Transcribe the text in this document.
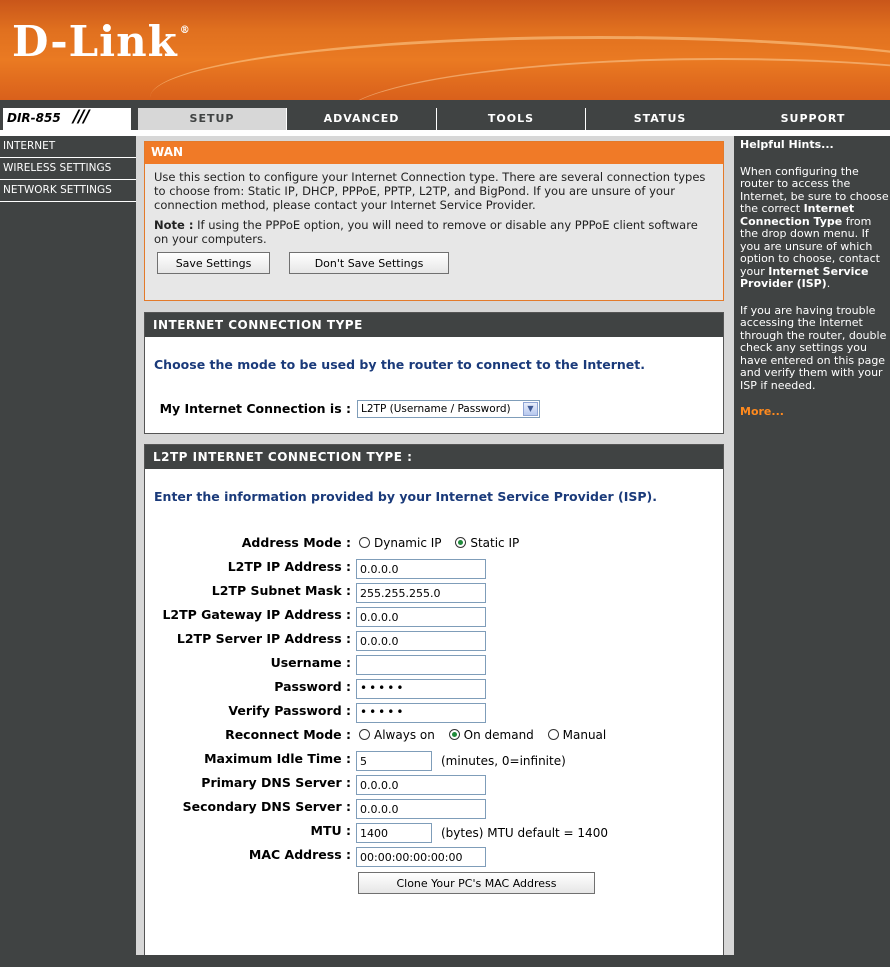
D-Link ®
DIR-855 ///	SETUP	ADVANCED	TOOLS	STATUS	SUPPORT
INTERNET
WIRELESS SETTINGS
NETWORK SETTINGS
WAN

Use this section to configure your Internet Connection type. There are several connection types to choose from: Static IP, DHCP, PPPoE, PPTP, L2TP, and BigPond. If you are unsure of your connection method, please contact your Internet Service Provider.

Note : If using the PPPoE option, you will need to remove or disable any PPPoE client software on your computers.

Save Settings	Don't Save Settings
INTERNET CONNECTION TYPE
Choose the mode to be used by the router to connect to the Internet.
My Internet Connection is : L2TP (Username / Password)	▼
L2TP INTERNET CONNECTION TYPE :
Enter the information provided by your Internet Service Provider (ISP).
Address Mode :	Dynamic IP Static IP
L2TP IP Address : 0.0.0.0
L2TP Subnet Mask : 255.255.255.0
L2TP Gateway IP Address : 0.0.0.0
L2TP Server IP Address : 0.0.0.0
Username :
Password : •••••
Verify Password : •••••
Reconnect Mode :	Always on On demand Manual
Maximum Idle Time : 5	(minutes, 0=infinite)
Primary DNS Server : 0.0.0.0
Secondary DNS Server : 0.0.0.0
MTU : 1400	(bytes) MTU default = 1400
MAC Address : 00:00:00:00:00:00
Clone Your PC's MAC Address
Helpful Hints...

When configuring the router to access the Internet, be sure to choose the correct Internet Connection Type from the drop down menu. If you are unsure of which option to choose, contact your Internet Service Provider (ISP).

If you are having trouble accessing the Internet through the router, double check any settings you have entered on this page and verify them with your ISP if needed.

More...
